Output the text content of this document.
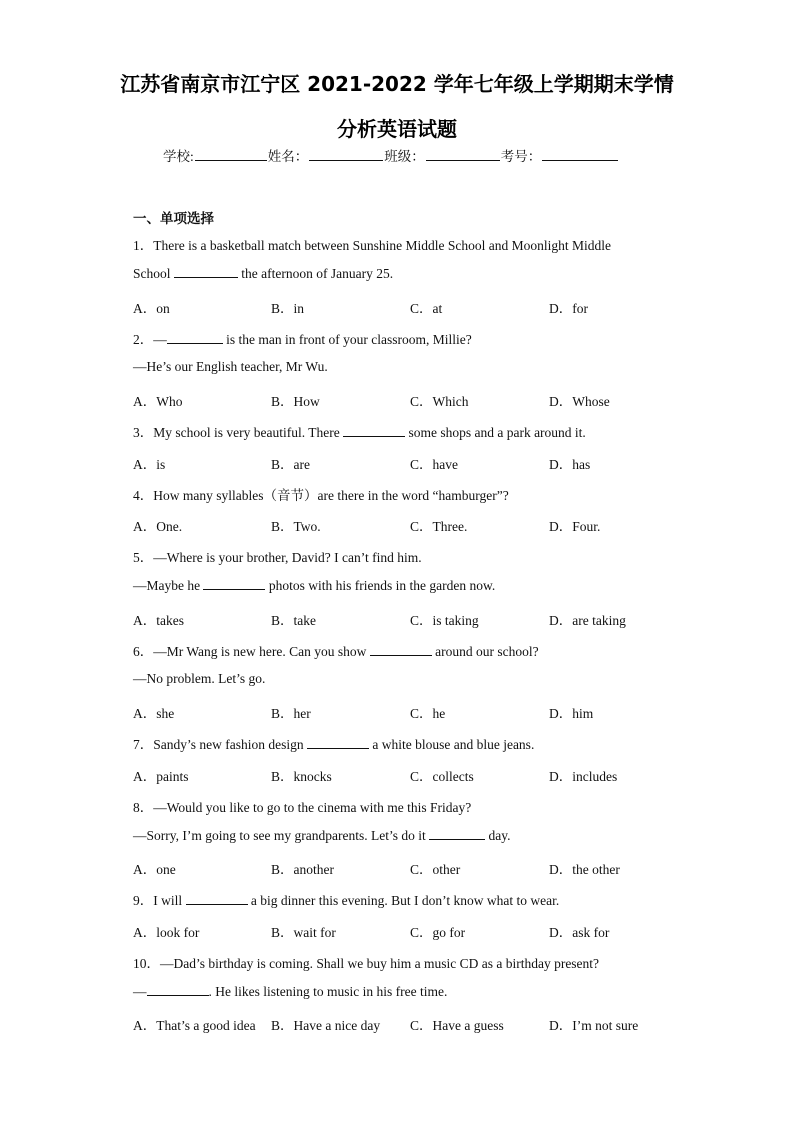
江苏省南京市江宁区 2021-2022 学年七年级上学期期末学情
分析英语试题
学校:	姓名：	班级：	考号：
一、单项选择
1．There is a basketball match between Sunshine Middle School and Moonlight Middle
School	the afternoon of January 25.
A．on	B．in	C．at	D．for
2．—	is the man in front of your classroom, Millie?
—He’s our English teacher, Mr Wu.
A．Who	B．How	C．Which	D．Whose
3．My school is very beautiful. There	some shops and a park around it.
A．is	B．are	C．have	D．has
4．How many syllables（音节）are there in the word “hamburger”?
A．One.	B．Two.	C．Three.	D．Four.
5．—Where is your brother, David? I can’t find him.
—Maybe he	photos with his friends in the garden now.
A．takes	B．take	C．is taking	D．are taking
6．—Mr Wang is new here. Can you show	around our school?
—No problem. Let’s go.
A．she	B．her	C．he	D．him
7．Sandy’s new fashion design	a white blouse and blue jeans.
A．paints	B．knocks	C．collects	D．includes
8．—Would you like to go to the cinema with me this Friday?
—Sorry, I’m going to see my grandparents. Let’s do it	day.
A．one	B．another	C．other	D．the other
9．I will	a big dinner this evening. But I don’t know what to wear.
A．look for	B．wait for	C．go for	D．ask for
10．—Dad’s birthday is coming. Shall we buy him a music CD as a birthday present?
—	. He likes listening to music in his free time.
A．That’s a good idea B．Have a nice day C．Have a guess	D．I’m not sure
